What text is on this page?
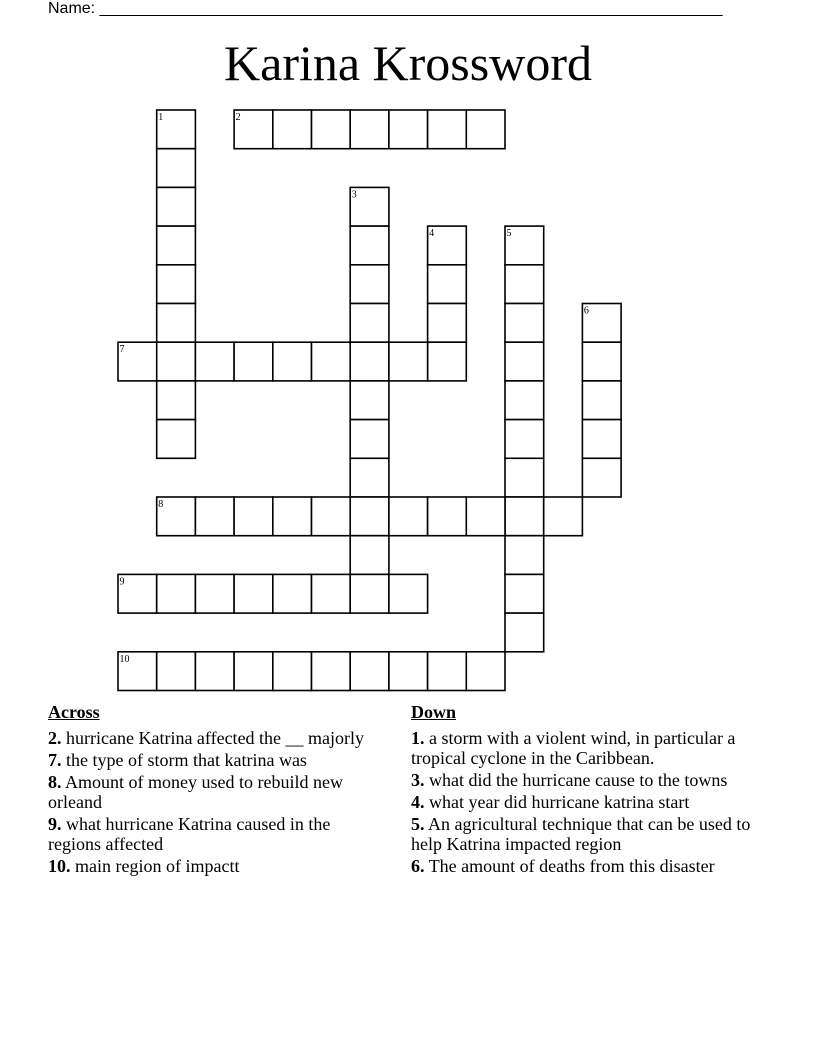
Name: ______________________________________________________________________
Karina Krossword
1	2
3
4	5
6
7
8
9
10
Across
2. hurricane Katrina affected the __ majorly
7. the type of storm that katrina was
8. Amount of money used to rebuild new orleand
9. what hurricane Katrina caused in the regions affected
10. main region of impactt
Down
1. a storm with a violent wind, in particular a tropical cyclone in the Caribbean.
3. what did the hurricane cause to the towns
4. what year did hurricane katrina start
5. An agricultural technique that can be used to help Katrina impacted region
6. The amount of deaths from this disaster
